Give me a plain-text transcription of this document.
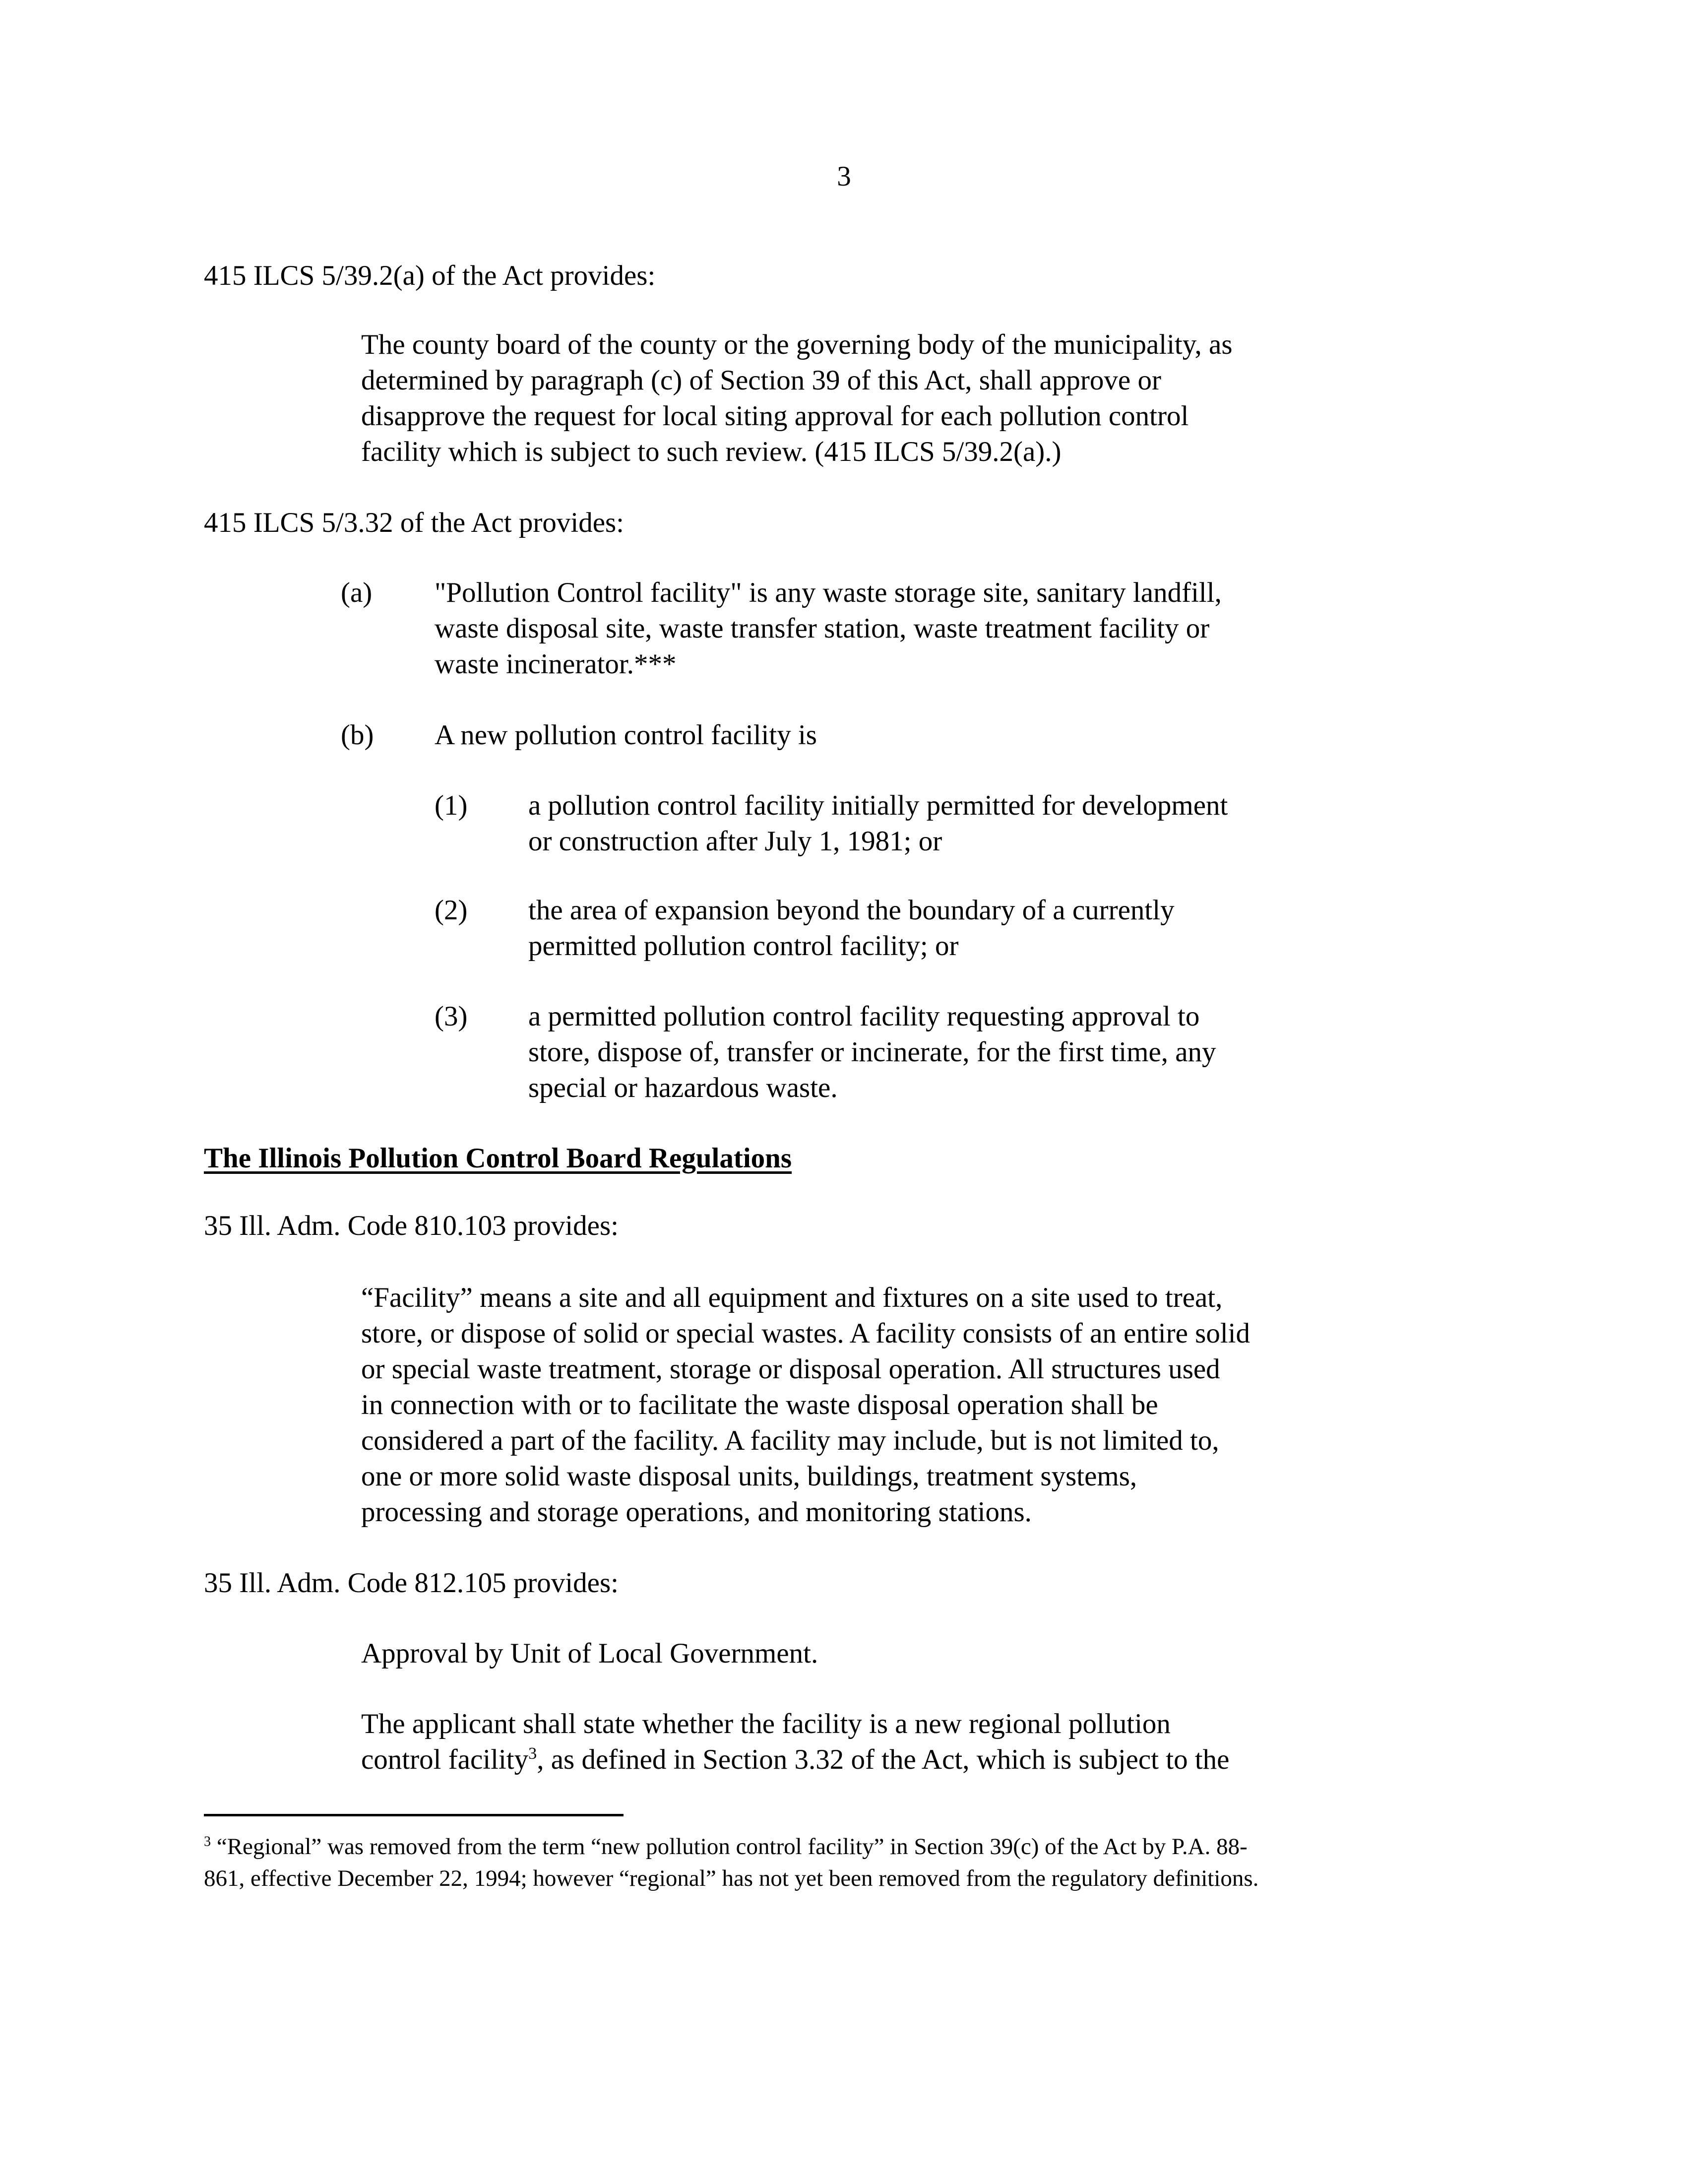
3
415 ILCS 5/39.2(a) of the Act provides:
The county board of the county or the governing body of the municipality, as
determined by paragraph (c) of Section 39 of this Act, shall approve or
disapprove the request for local siting approval for each pollution control
facility which is subject to such review. (415 ILCS 5/39.2(a).)
415 ILCS 5/3.32 of the Act provides:
(a) "Pollution Control facility" is any waste storage site, sanitary landfill,
waste disposal site, waste transfer station, waste treatment facility or
waste incinerator.***
(b) A new pollution control facility is
(1) a pollution control facility initially permitted for development
or construction after July 1, 1981; or
(2) the area of expansion beyond the boundary of a currently
permitted pollution control facility; or
(3) a permitted pollution control facility requesting approval to
store, dispose of, transfer or incinerate, for the first time, any
special or hazardous waste.
The Illinois Pollution Control Board Regulations
35 Ill. Adm. Code 810.103 provides:
“Facility” means a site and all equipment and fixtures on a site used to treat,
store, or dispose of solid or special wastes. A facility consists of an entire solid
or special waste treatment, storage or disposal operation. All structures used
in connection with or to facilitate the waste disposal operation shall be
considered a part of the facility. A facility may include, but is not limited to,
one or more solid waste disposal units, buildings, treatment systems,
processing and storage operations, and monitoring stations.
35 Ill. Adm. Code 812.105 provides:
Approval by Unit of Local Government.
The applicant shall state whether the facility is a new regional pollution
control facility$^3$, as defined in Section 3.32 of the Act, which is subject to the
$^3$ “Regional” was removed from the term “new pollution control facility” in Section 39(c) of the Act by P.A. 88-
861, effective December 22, 1994; however “regional” has not yet been removed from the regulatory definitions.
